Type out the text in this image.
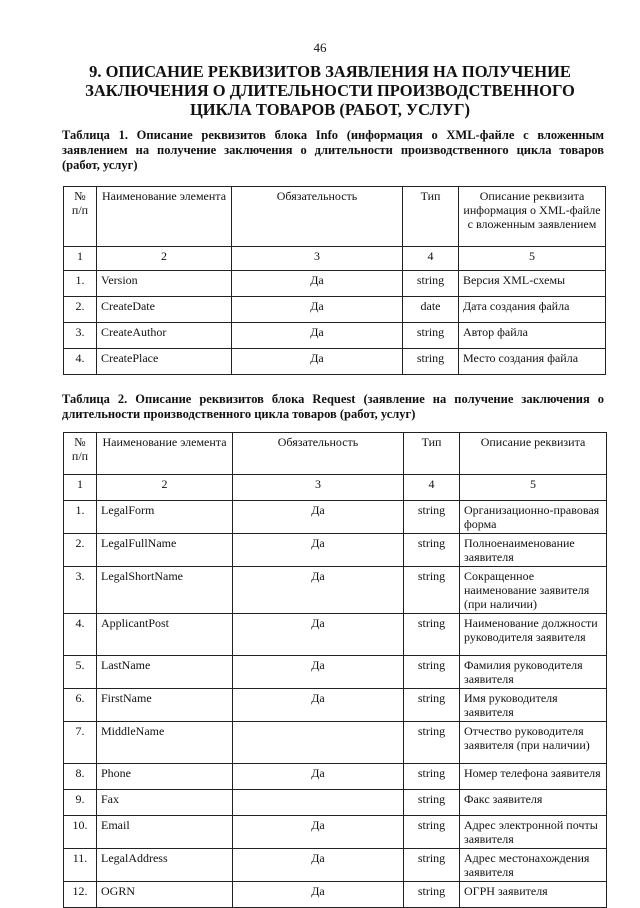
46
9. ОПИСАНИЕ РЕКВИЗИТОВ ЗАЯВЛЕНИЯ НА ПОЛУЧЕНИЕ ЗАКЛЮЧЕНИЯ О ДЛИТЕЛЬНОСТИ ПРОИЗВОДСТВЕННОГО ЦИКЛА ТОВАРОВ (РАБОТ, УСЛУГ)
Таблица 1. Описание реквизитов блока Info (информация о XML-файле с вложенным заявлением на получение заключения о длительности производственного цикла товаров (работ, услуг)
№ п/п	Наименование элемента	Обязательность	Тип	Описание реквизита информация о XML-файле с вложенным заявлением
1	2	3	4	5
1.	Version	Да	string	Версия XML-схемы
2.	CreateDate	Да	date	Дата создания файла
3.	CreateAuthor	Да	string	Автор файла
4.	CreatePlace	Да	string	Место создания файла
Таблица 2. Описание реквизитов блока Request (заявление на получение заключения о длительности производственного цикла товаров (работ, услуг)
№ п/п	Наименование элемента	Обязательность	Тип	Описание реквизита
1	2	3	4	5
1.	LegalForm	Да	string	Организационно-правовая форма
2.	LegalFullName	Да	string	Полнoенаименование заявителя
3.	LegalShortName	Да	string	Сокращенное наименование заявителя (при наличии)
4.	ApplicantPost	Да	string	Наименование должности руководителя заявителя
5.	LastName	Да	string	Фамилия руководителя заявителя
6.	FirstName	Да	string	Имя руководителя заявителя
7.	MiddleName		string	Отчество руководителя заявителя (при наличии)
8.	Phone	Да	string	Номер телефона заявителя
9.	Fax		string	Факс заявителя
10.	Email	Да	string	Адрес электронной почты заявителя
11.	LegalAddress	Да	string	Адрес местонахождения заявителя
12.	OGRN	Да	string	ОГРН заявителя
